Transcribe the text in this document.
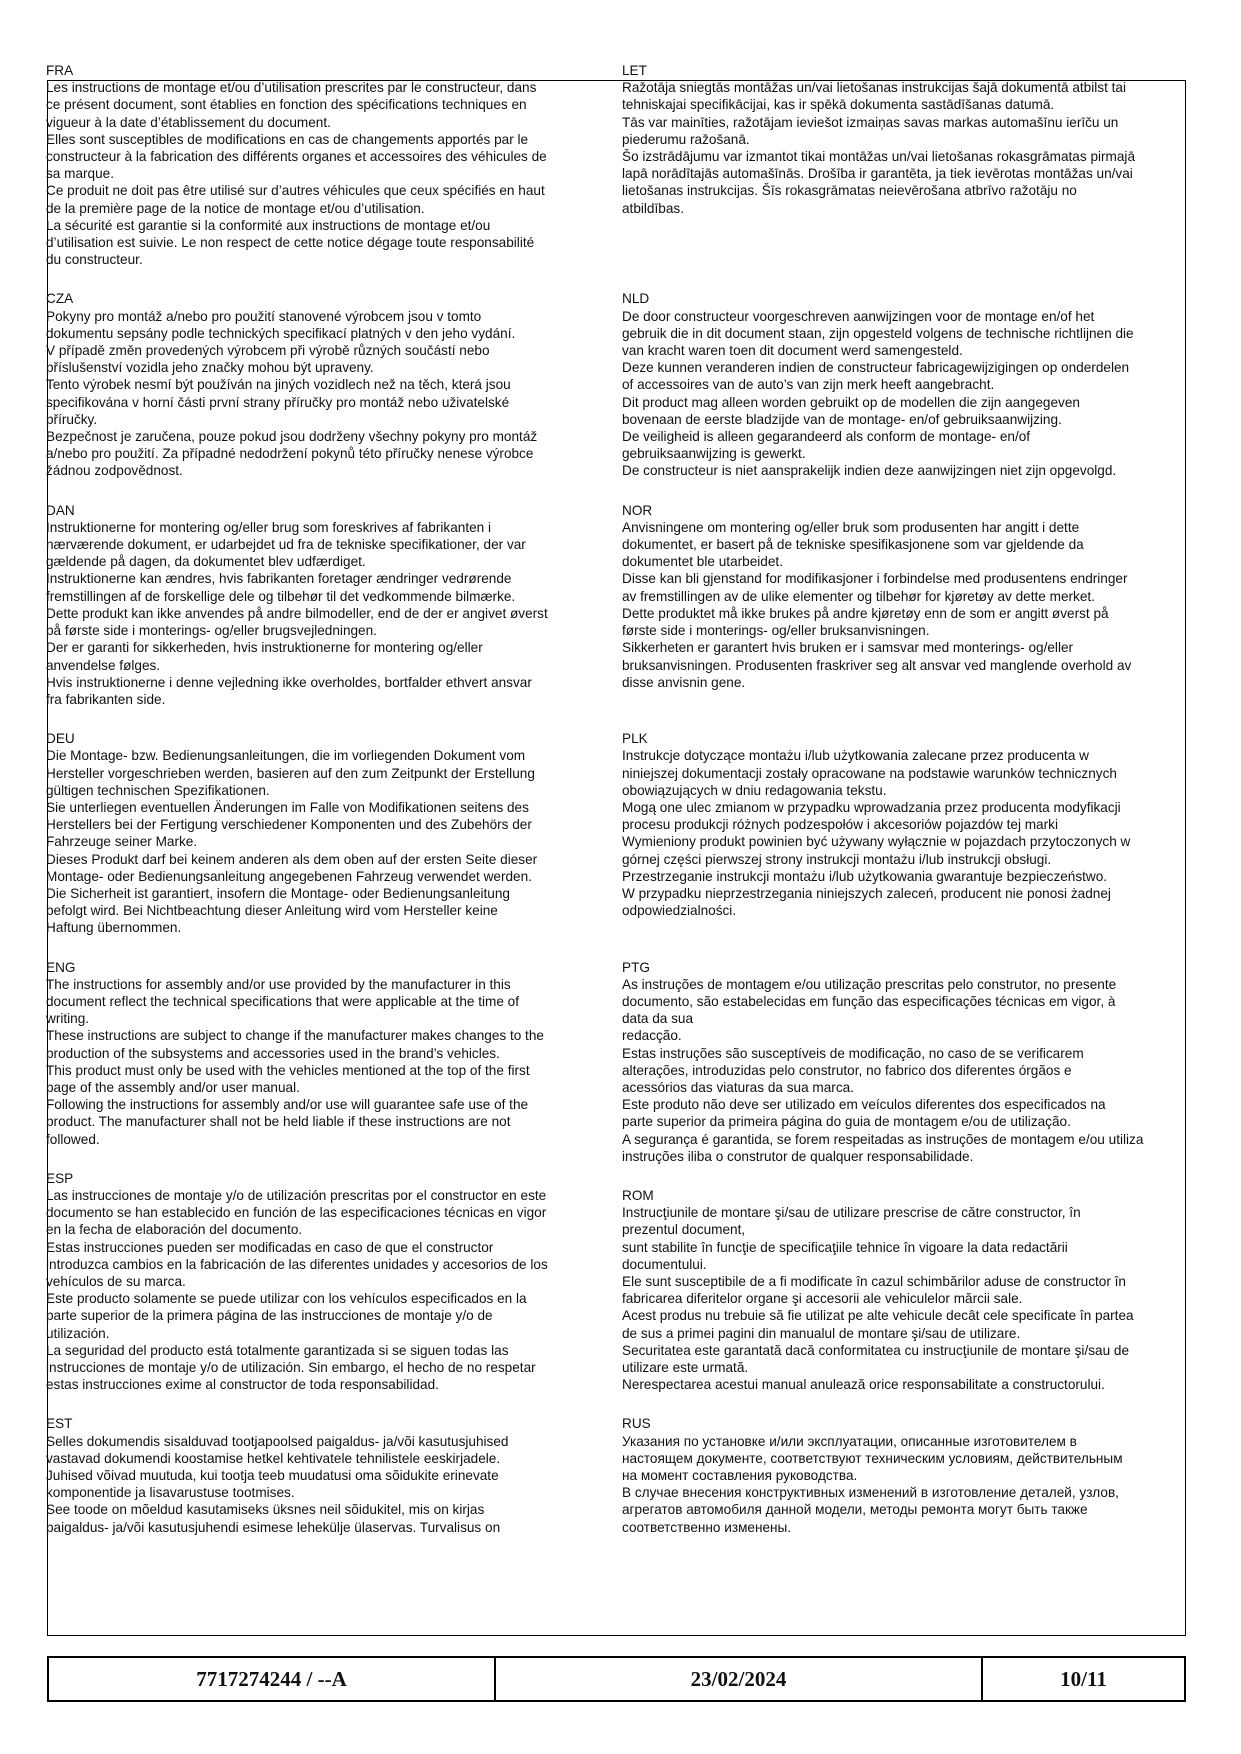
FRA
Les instructions de montage et/ou d’utilisation prescrites par le constructeur, dans
ce présent document, sont établies en fonction des spécifications techniques en
vigueur à la date d’établissement du document.
Elles sont susceptibles de modifications en cas de changements apportés par le
constructeur à la fabrication des différents organes et accessoires des véhicules de
sa marque.
Ce produit ne doit pas être utilisé sur d’autres véhicules que ceux spécifiés en haut
de la première page de la notice de montage et/ou d’utilisation.
La sécurité est garantie si la conformité aux instructions de montage et/ou
d’utilisation est suivie. Le non respect de cette notice dégage toute responsabilité
du constructeur.
CZA
Pokyny pro montáž a/nebo pro použití stanovené výrobcem jsou v tomto
dokumentu sepsány podle technických specifikací platných v den jeho vydání.
V případě změn provedených výrobcem při výrobě různých součástí nebo
příslušenství vozidla jeho značky mohou být upraveny.
Tento výrobek nesmí být používán na jiných vozidlech než na těch, která jsou
specifikována v horní části první strany příručky pro montáž nebo uživatelské
příručky.
Bezpečnost je zaručena, pouze pokud jsou dodrženy všechny pokyny pro montáž
a/nebo pro použití. Za případné nedodržení pokynů této příručky nenese výrobce
žádnou zodpovědnost.
DAN
Instruktionerne for montering og/eller brug som foreskrives af fabrikanten i
nærværende dokument, er udarbejdet ud fra de tekniske specifikationer, der var
gældende på dagen, da dokumentet blev udfærdiget.
Instruktionerne kan ændres, hvis fabrikanten foretager ændringer vedrørende
fremstillingen af de forskellige dele og tilbehør til det vedkommende bilmærke.
Dette produkt kan ikke anvendes på andre bilmodeller, end de der er angivet øverst
på første side i monterings- og/eller brugsvejledningen.
Der er garanti for sikkerheden, hvis instruktionerne for montering og/eller
anvendelse følges.
Hvis instruktionerne i denne vejledning ikke overholdes, bortfalder ethvert ansvar
fra fabrikanten side.
DEU
Die Montage- bzw. Bedienungsanleitungen, die im vorliegenden Dokument vom
Hersteller vorgeschrieben werden, basieren auf den zum Zeitpunkt der Erstellung
gültigen technischen Spezifikationen.
Sie unterliegen eventuellen Änderungen im Falle von Modifikationen seitens des
Herstellers bei der Fertigung verschiedener Komponenten und des Zubehörs der
Fahrzeuge seiner Marke.
Dieses Produkt darf bei keinem anderen als dem oben auf der ersten Seite dieser
Montage- oder Bedienungsanleitung angegebenen Fahrzeug verwendet werden.
Die Sicherheit ist garantiert, insofern die Montage- oder Bedienungsanleitung
befolgt wird. Bei Nichtbeachtung dieser Anleitung wird vom Hersteller keine
Haftung übernommen.
ENG
The instructions for assembly and/or use provided by the manufacturer in this
document reflect the technical specifications that were applicable at the time of
writing.
These instructions are subject to change if the manufacturer makes changes to the
production of the subsystems and accessories used in the brand’s vehicles.
This product must only be used with the vehicles mentioned at the top of the first
page of the assembly and/or user manual.
Following the instructions for assembly and/or use will guarantee safe use of the
product. The manufacturer shall not be held liable if these instructions are not
followed.
ESP
Las instrucciones de montaje y/o de utilización prescritas por el constructor en este
documento se han establecido en función de las especificaciones técnicas en vigor
en la fecha de elaboración del documento.
Estas instrucciones pueden ser modificadas en caso de que el constructor
introduzca cambios en la fabricación de las diferentes unidades y accesorios de los
vehículos de su marca.
Este producto solamente se puede utilizar con los vehículos especificados en la
parte superior de la primera página de las instrucciones de montaje y/o de
utilización.
La seguridad del producto está totalmente garantizada si se siguen todas las
instrucciones de montaje y/o de utilización. Sin embargo, el hecho de no respetar
estas instrucciones exime al constructor de toda responsabilidad.
EST
Selles dokumendis sisalduvad tootjapoolsed paigaldus- ja/või kasutusjuhised
vastavad dokumendi koostamise hetkel kehtivatele tehnilistele eeskirjadele.
Juhised võivad muutuda, kui tootja teeb muudatusi oma sõidukite erinevate
komponentide ja lisavarustuse tootmises.
See toode on mõeldud kasutamiseks üksnes neil sõidukitel, mis on kirjas
paigaldus- ja/või kasutusjuhendi esimese lehekülje ülaservas. Turvalisus on
LET
Ražotāja sniegtās montāžas un/vai lietošanas instrukcijas šajā dokumentā atbilst tai
tehniskajai specifikācijai, kas ir spēkā dokumenta sastādīšanas datumā.
Tās var mainīties, ražotājam ieviešot izmaiņas savas markas automašīnu ierīču un
piederumu ražošanā.
Šo izstrādājumu var izmantot tikai montāžas un/vai lietošanas rokasgrāmatas pirmajā
lapā norādītajās automašīnās. Drošība ir garantēta, ja tiek ievērotas montāžas un/vai
lietošanas instrukcijas. Šīs rokasgrāmatas neievērošana atbrīvo ražotāju no
atbildības.

NLD
De door constructeur voorgeschreven aanwijzingen voor de montage en/of het
gebruik die in dit document staan, zijn opgesteld volgens de technische richtlijnen die
van kracht waren toen dit document werd samengesteld.
Deze kunnen veranderen indien de constructeur fabricagewijzigingen op onderdelen
of accessoires van de auto’s van zijn merk heeft aangebracht.
Dit product mag alleen worden gebruikt op de modellen die zijn aangegeven
bovenaan de eerste bladzijde van de montage- en/of gebruiksaanwijzing.
De veiligheid is alleen gegarandeerd als conform de montage- en/of
gebruiksaanwijzing is gewerkt.
De constructeur is niet aansprakelijk indien deze aanwijzingen niet zijn opgevolgd.
NOR
Anvisningene om montering og/eller bruk som produsenten har angitt i dette
dokumentet, er basert på de tekniske spesifikasjonene som var gjeldende da
dokumentet ble utarbeidet.
Disse kan bli gjenstand for modifikasjoner i forbindelse med produsentens endringer
av fremstillingen av de ulike elementer og tilbehør for kjøretøy av dette merket.
Dette produktet må ikke brukes på andre kjøretøy enn de som er angitt øverst på
første side i monterings- og/eller bruksanvisningen.
Sikkerheten er garantert hvis bruken er i samsvar med monterings- og/eller
bruksanvisningen. Produsenten fraskriver seg alt ansvar ved manglende overhold av
disse anvisnin gene.

PLK
Instrukcje dotyczące montażu i/lub użytkowania zalecane przez producenta w
niniejszej dokumentacji zostały opracowane na podstawie warunków technicznych
obowiązujących w dniu redagowania tekstu.
Mogą one ulec zmianom w przypadku wprowadzania przez producenta modyfikacji
procesu produkcji różnych podzespołów i akcesoriów pojazdów tej marki
Wymieniony produkt powinien być używany wyłącznie w pojazdach przytoczonych w
górnej części pierwszej strony instrukcji montażu i/lub instrukcji obsługi.
Przestrzeganie instrukcji montażu i/lub użytkowania gwarantuje bezpieczeństwo.
W przypadku nieprzestrzegania niniejszych zaleceń, producent nie ponosi żadnej
odpowiedzialności.

PTG
As instruções de montagem e/ou utilização prescritas pelo construtor, no presente
documento, são estabelecidas em função das especificações técnicas em vigor, à
data da sua
redacção.
Estas instruções são susceptíveis de modificação, no caso de se verificarem
alterações, introduzidas pelo construtor, no fabrico dos diferentes órgãos e
acessórios das viaturas da sua marca.
Este produto não deve ser utilizado em veículos diferentes dos especificados na
parte superior da primeira página do guia de montagem e/ou de utilização.
A segurança é garantida, se forem respeitadas as instruções de montagem e/ou utiliza
instruções iliba o construtor de qualquer responsabilidade.
ROM
Instrucţiunile de montare şi/sau de utilizare prescrise de către constructor, în
prezentul document,
sunt stabilite în funcţie de specificaţiile tehnice în vigoare la data redactării
documentului.
Ele sunt susceptibile de a fi modificate în cazul schimbărilor aduse de constructor în
fabricarea diferitelor organe şi accesorii ale vehiculelor mărcii sale.
Acest produs nu trebuie să fie utilizat pe alte vehicule decât cele specificate în partea
de sus a primei pagini din manualul de montare şi/sau de utilizare.
Securitatea este garantată dacă conformitatea cu instrucţiunile de montare şi/sau de
utilizare este urmată.
Nerespectarea acestui manual anulează orice responsabilitate a constructorului.
RUS
Указания по установке и/или эксплуатации, описанные изготовителем в
настоящем документе, соответствуют техническим условиям, действительным
на момент составления руководства.
В случае внесения конструктивных изменений в изготовление деталей, узлов,
агрегатов автомобиля данной модели, методы ремонта могут быть также
соответственно изменены.
7717274244 / --A	23/02/2024	10/11
